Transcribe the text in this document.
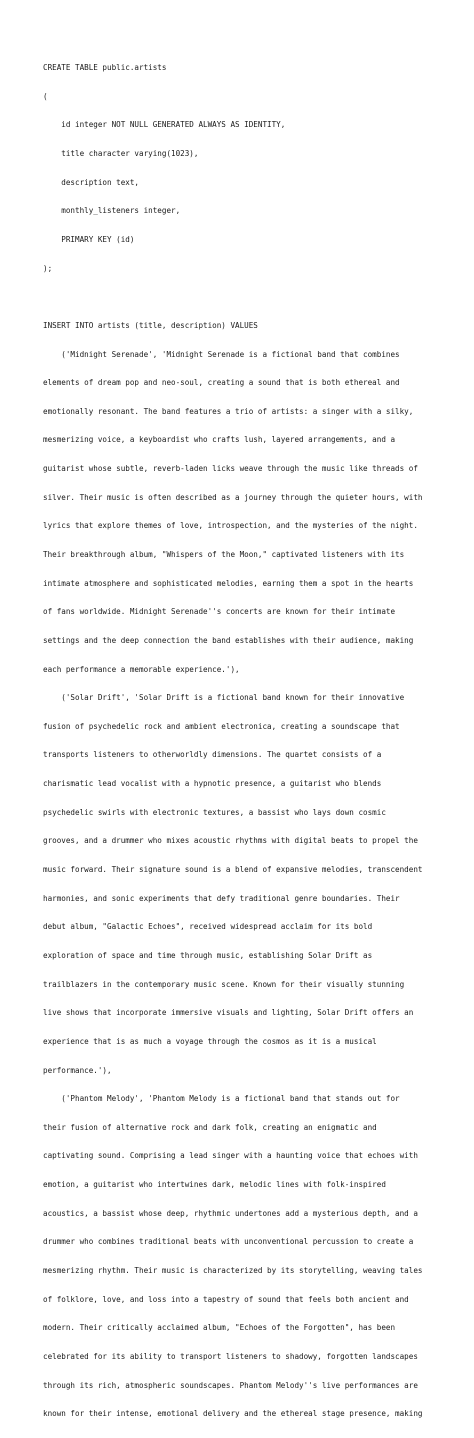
CREATE TABLE public.artists

(

id integer NOT NULL GENERATED ALWAYS AS IDENTITY,

title character varying(1023),

description text,

monthly_listeners integer,

PRIMARY KEY (id)

);

INSERT INTO artists (title, description) VALUES

('Midnight Serenade', 'Midnight Serenade is a fictional band that combines

elements of dream pop and neo-soul, creating a sound that is both ethereal and

emotionally resonant. The band features a trio of artists: a singer with a silky,

mesmerizing voice, a keyboardist who crafts lush, layered arrangements, and a

guitarist whose subtle, reverb-laden licks weave through the music like threads of

silver. Their music is often described as a journey through the quieter hours, with

lyrics that explore themes of love, introspection, and the mysteries of the night.

Their breakthrough album, "Whispers of the Moon," captivated listeners with its

intimate atmosphere and sophisticated melodies, earning them a spot in the hearts

of fans worldwide. Midnight Serenade''s concerts are known for their intimate

settings and the deep connection the band establishes with their audience, making

each performance a memorable experience.'),

('Solar Drift', 'Solar Drift is a fictional band known for their innovative

fusion of psychedelic rock and ambient electronica, creating a soundscape that

transports listeners to otherworldly dimensions. The quartet consists of a

charismatic lead vocalist with a hypnotic presence, a guitarist who blends

psychedelic swirls with electronic textures, a bassist who lays down cosmic

grooves, and a drummer who mixes acoustic rhythms with digital beats to propel the

music forward. Their signature sound is a blend of expansive melodies, transcendent

harmonies, and sonic experiments that defy traditional genre boundaries. Their

debut album, "Galactic Echoes", received widespread acclaim for its bold

exploration of space and time through music, establishing Solar Drift as

trailblazers in the contemporary music scene. Known for their visually stunning

live shows that incorporate immersive visuals and lighting, Solar Drift offers an

experience that is as much a voyage through the cosmos as it is a musical

performance.'),

('Phantom Melody', 'Phantom Melody is a fictional band that stands out for

their fusion of alternative rock and dark folk, creating an enigmatic and

captivating sound. Comprising a lead singer with a haunting voice that echoes with

emotion, a guitarist who intertwines dark, melodic lines with folk-inspired

acoustics, a bassist whose deep, rhythmic undertones add a mysterious depth, and a

drummer who combines traditional beats with unconventional percussion to create a

mesmerizing rhythm. Their music is characterized by its storytelling, weaving tales

of folklore, love, and loss into a tapestry of sound that feels both ancient and

modern. Their critically acclaimed album, "Echoes of the Forgotten", has been

celebrated for its ability to transport listeners to shadowy, forgotten landscapes

through its rich, atmospheric soundscapes. Phantom Melody''s live performances are

known for their intense, emotional delivery and the ethereal stage presence, making
